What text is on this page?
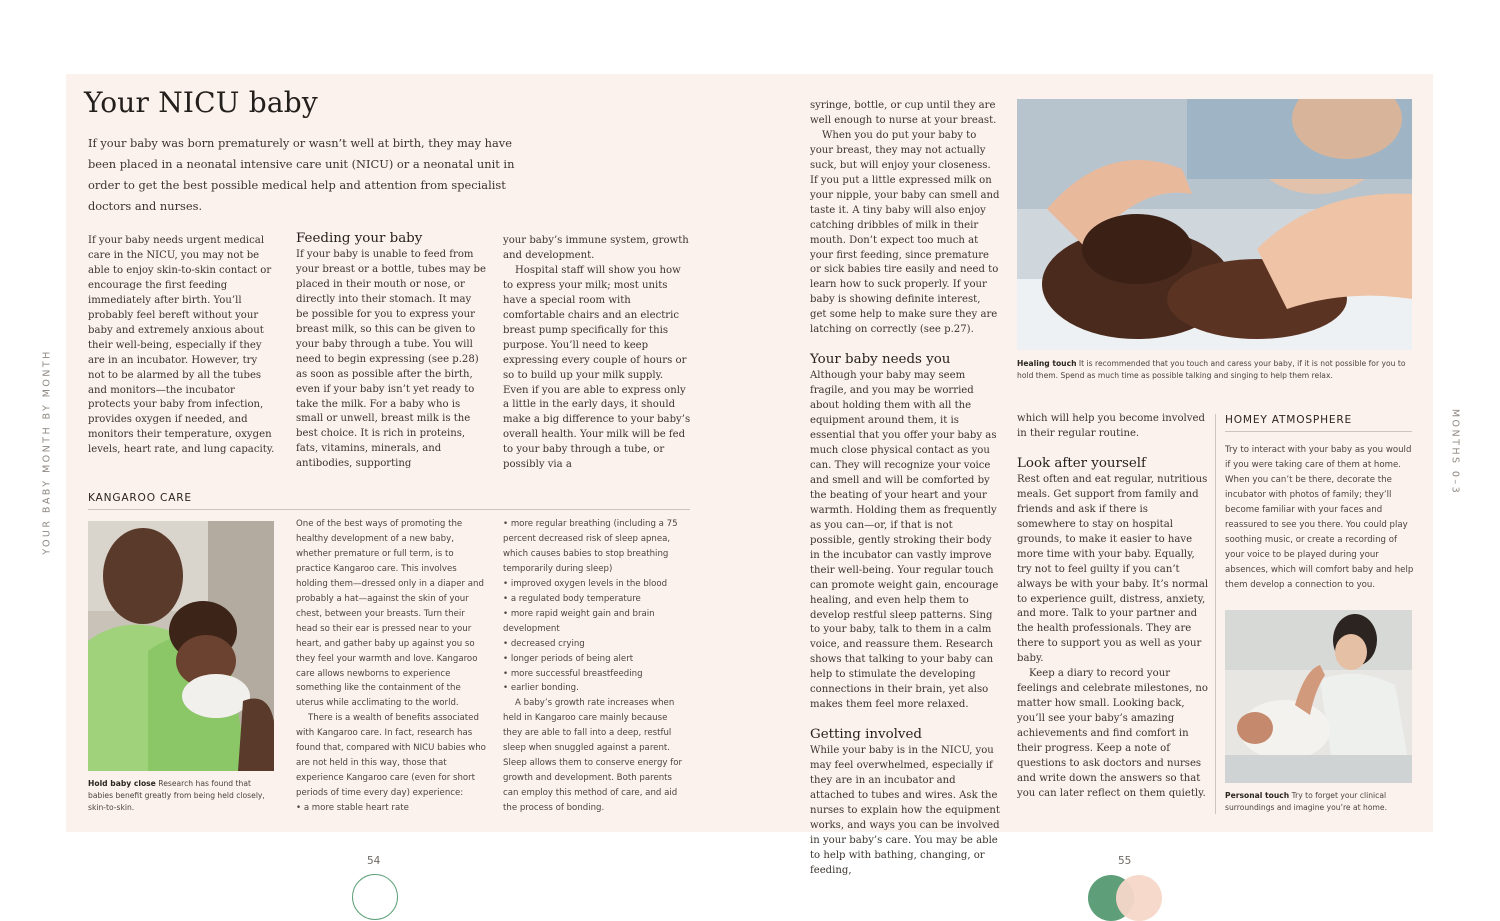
Your NICU baby

If your baby was born prematurely or wasn’t well at birth, they may have been placed in a neonatal intensive care unit (NICU) or a neonatal unit in order to get the best possible medical help and attention from specialist doctors and nurses.

If your baby needs urgent medical care in the NICU, you may not be able to enjoy skin-to-skin contact or encourage the first feeding immediately after birth. You’ll probably feel bereft without your baby and extremely anxious about their well-being, especially if they are in an incubator. However, try not to be alarmed by all the tubes and monitors—the incubator protects your baby from infection, provides oxygen if needed, and monitors their temperature, oxygen levels, heart rate, and lung capacity.

Feeding your baby

If your baby is unable to feed from your breast or a bottle, tubes may be placed in their mouth or nose, or directly into their stomach. It may be possible for you to express your breast milk, so this can be given to your baby through a tube. You will need to begin expressing (see p.28) as soon as possible after the birth, even if your baby isn’t yet ready to take the milk. For a baby who is small or unwell, breast milk is the best choice. It is rich in proteins, fats, vitamins, minerals, and antibodies, supporting

your baby’s immune system, growth and development.

Hospital staff will show you how to express your milk; most units have a special room with comfortable chairs and an electric breast pump specifically for this purpose. You’ll need to keep expressing every couple of hours or so to build up your milk supply. Even if you are able to express only a little in the early days, it should make a big difference to your baby’s overall health. Your milk will be fed to your baby through a tube, or possibly via a

KANGAROO CARE
Hold baby close Research has found that babies benefit greatly from being held closely, skin-to-skin.

One of the best ways of promoting the healthy development of a new baby, whether premature or full term, is to practice Kangaroo care. This involves holding them—dressed only in a diaper and probably a hat—against the skin of your chest, between your breasts. Turn their head so their ear is pressed near to your heart, and gather baby up against you so they feel your warmth and love. Kangaroo care allows newborns to experience something like the containment of the uterus while acclimating to the world.

There is a wealth of benefits associated with Kangaroo care. In fact, research has found that, compared with NICU babies who are not held in this way, those that experience Kangaroo care (even for short periods of time every day) experience:

• a more stable heart rate
• more regular breathing (including a 75 percent decreased risk of sleep apnea, which causes babies to stop breathing temporarily during sleep)
• improved oxygen levels in the blood
• a regulated body temperature
• more rapid weight gain and brain development
• decreased crying
• longer periods of being alert
• more successful breastfeeding
• earlier bonding.

A baby’s growth rate increases when held in Kangaroo care mainly because they are able to fall into a deep, restful sleep when snuggled against a parent. Sleep allows them to conserve energy for growth and development. Both parents can employ this method of care, and aid the process of bonding.

YOUR BABY MONTH BY MONTH
54

syringe, bottle, or cup until they are well enough to nurse at your breast.

When you do put your baby to your breast, they may not actually suck, but will enjoy your closeness. If you put a little expressed milk on your nipple, your baby can smell and taste it. A tiny baby will also enjoy catching dribbles of milk in their mouth. Don’t expect too much at your first feeding, since premature or sick babies tire easily and need to learn how to suck properly. If your baby is showing definite interest, get some help to make sure they are latching on correctly (see p.27).

Your baby needs you

Although your baby may seem fragile, and you may be worried about holding them with all the equipment around them, it is essential that you offer your baby as much close physical contact as you can. They will recognize your voice and smell and will be comforted by the beating of your heart and your warmth. Holding them as frequently as you can—or, if that is not possible, gently stroking their body in the incubator can vastly improve their well-being. Your regular touch can promote weight gain, encourage healing, and even help them to develop restful sleep patterns. Sing to your baby, talk to them in a calm voice, and reassure them. Research shows that talking to your baby can help to stimulate the developing connections in their brain, yet also makes them feel more relaxed.

Getting involved

While your baby is in the NICU, you may feel overwhelmed, especially if they are in an incubator and attached to tubes and wires. Ask the nurses to explain how the equipment works, and ways you can be involved in your baby’s care. You may be able to help with bathing, changing, or feeding,

Healing touch It is recommended that you touch and caress your baby, if it is not possible for you to hold them. Spend as much time as possible talking and singing to help them relax.

which will help you become involved in their regular routine.

Look after yourself

Rest often and eat regular, nutritious meals. Get support from family and friends and ask if there is somewhere to stay on hospital grounds, to make it easier to have more time with your baby. Equally, try not to feel guilty if you can’t always be with your baby. It’s normal to experience guilt, distress, anxiety, and more. Talk to your partner and the health professionals. They are there to support you as well as your baby.

Keep a diary to record your feelings and celebrate milestones, no matter how small. Looking back, you’ll see your baby’s amazing achievements and find comfort in their progress. Keep a note of questions to ask doctors and nurses and write down the answers so that you can later reflect on them quietly.

HOMEY ATMOSPHERE

Try to interact with your baby as you would if you were taking care of them at home. When you can’t be there, decorate the incubator with photos of family; they’ll become familiar with your faces and reassured to see you there. You could play soothing music, or create a recording of your voice to be played during your absences, which will comfort baby and help them develop a connection to you.

Personal touch Try to forget your clinical surroundings and imagine you’re at home.
MONTHS 0–3
55
